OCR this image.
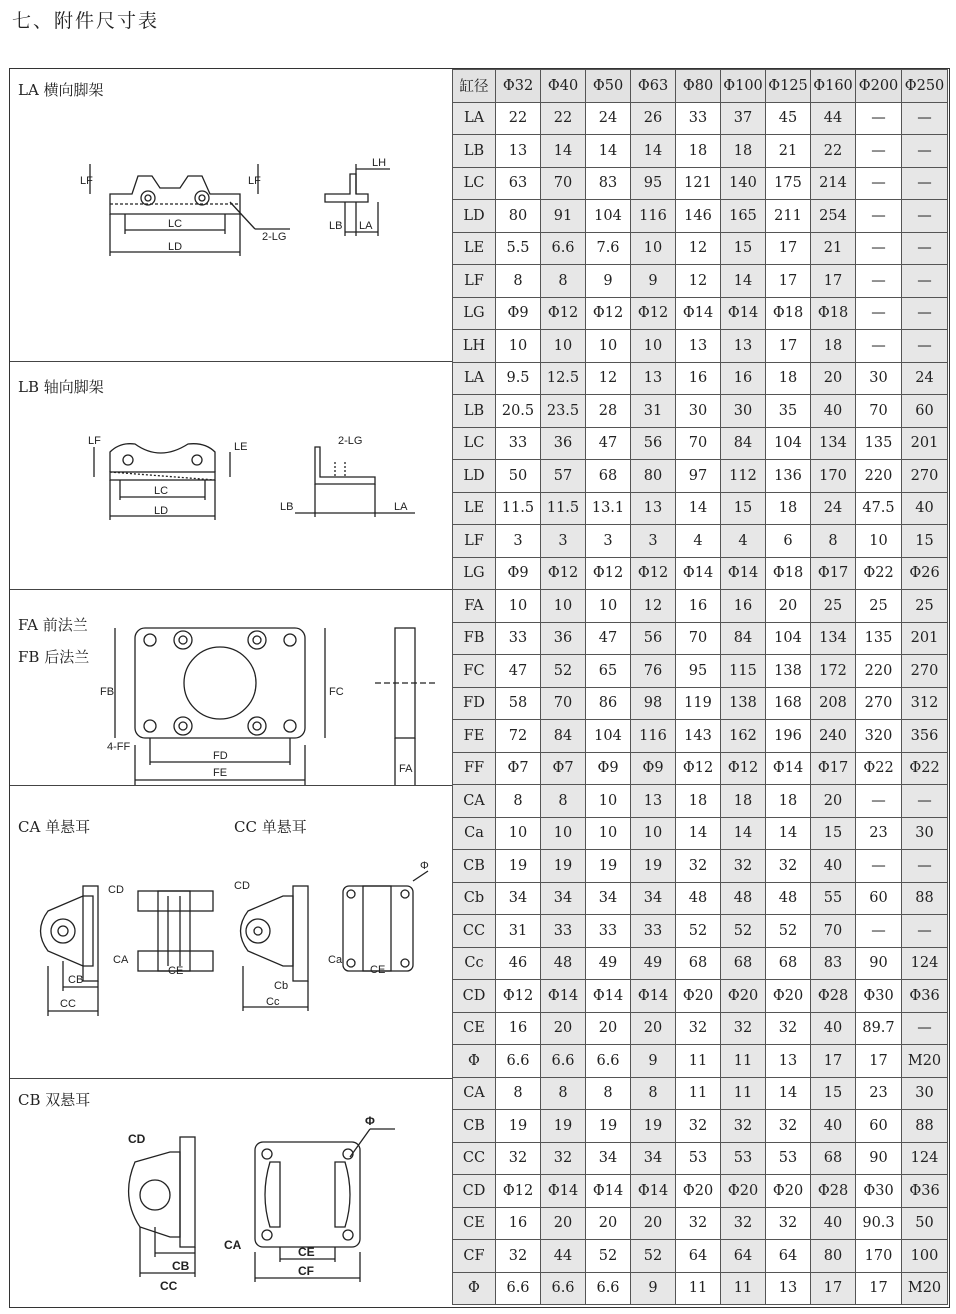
七、附件尺寸表
LA 横向脚架
LF	LF
LC
LD
2-LG
LH
LB LA
LB 轴向脚架
LF	LE
LC
LD
2-LG
LB	LA
FA 前法兰
FB 后法兰
FB	FC
FD
FE
4-FF
FA
CA 单悬耳	CC 单悬耳
CD
CA
CB
CC
CE
CD
Φ
Ca
Cb
Cc
CE
CB 双悬耳
CD
CA
CB
CC
Φ
CE
CF
缸径	Φ32	Φ40	Φ50	Φ63	Φ80	Φ100	Φ125	Φ160	Φ200	Φ250
LA	22	22	24	26	33	37	45	44	—	—
LB	13	14	14	14	18	18	21	22	—	—
LC	63	70	83	95	121	140	175	214	—	—
LD	80	91	104	116	146	165	211	254	—	—
LE	5.5	6.6	7.6	10	12	15	17	21	—	—
LF	8	8	9	9	12	14	17	17	—	—
LG	Φ9	Φ12	Φ12	Φ12	Φ14	Φ14	Φ18	Φ18	—	—
LH	10	10	10	10	13	13	17	18	—	—
LA	9.5	12.5	12	13	16	16	18	20	30	24
LB	20.5	23.5	28	31	30	30	35	40	70	60
LC	33	36	47	56	70	84	104	134	135	201
LD	50	57	68	80	97	112	136	170	220	270
LE	11.5	11.5	13.1	13	14	15	18	24	47.5	40
LF	3	3	3	3	4	4	6	8	10	15
LG	Φ9	Φ12	Φ12	Φ12	Φ14	Φ14	Φ18	Φ17	Φ22	Φ26
FA	10	10	10	12	16	16	20	25	25	25
FB	33	36	47	56	70	84	104	134	135	201
FC	47	52	65	76	95	115	138	172	220	270
FD	58	70	86	98	119	138	168	208	270	312
FE	72	84	104	116	143	162	196	240	320	356
FF	Φ7	Φ7	Φ9	Φ9	Φ12	Φ12	Φ14	Φ17	Φ22	Φ22
CA	8	8	10	13	18	18	18	20	—	—
Ca	10	10	10	10	14	14	14	15	23	30
CB	19	19	19	19	32	32	32	40	—	—
Cb	34	34	34	34	48	48	48	55	60	88
CC	31	33	33	33	52	52	52	70	—	—
Cc	46	48	49	49	68	68	68	83	90	124
CD	Φ12	Φ14	Φ14	Φ14	Φ20	Φ20	Φ20	Φ28	Φ30	Φ36
CE	16	20	20	20	32	32	32	40	89.7	—
Φ	6.6	6.6	6.6	9	11	11	13	17	17	M20
CA	8	8	8	8	11	11	14	15	23	30
CB	19	19	19	19	32	32	32	40	60	88
CC	32	32	34	34	53	53	53	68	90	124
CD	Φ12	Φ14	Φ14	Φ14	Φ20	Φ20	Φ20	Φ28	Φ30	Φ36
CE	16	20	20	20	32	32	32	40	90.3	50
CF	32	44	52	52	64	64	64	80	170	100
Φ	6.6	6.6	6.6	9	11	11	13	17	17	M20
